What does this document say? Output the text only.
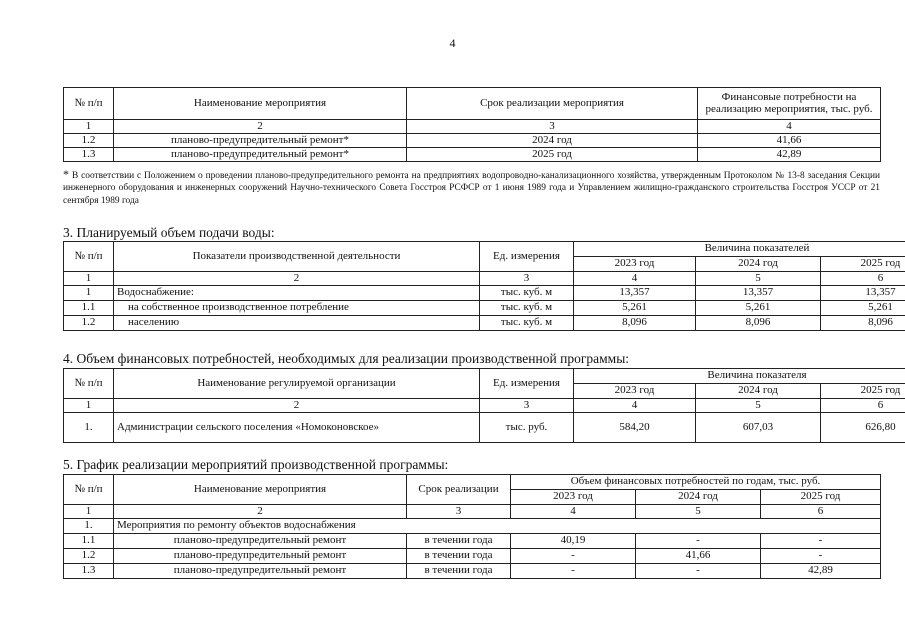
4
№ п/п	Наименование мероприятия	Срок реализации мероприятия	Финансовые потребности на реализацию мероприятия, тыс. руб.
1	2	3	4
1.2	планово-предупредительный ремонт*	2024 год	41,66
1.3	планово-предупредительный ремонт*	2025 год	42,89
* В соответствии с Положением о проведении планово-предупредительного ремонта на предприятиях водопроводно-канализационного хозяйства, утвержденным Протоколом № 13-8 заседания Секции инженерного оборудования и инженерных сооружений Научно-технического Совета Госстроя РСФСР от 1 июня 1989 года и Управлением жилищно-гражданского строительства Госстроя УССР от 21 сентября 1989 года
3. Планируемый объем подачи воды:
№ п/п	Показатели производственной деятельности	Ед. измерения	Величина показателей		
			2023 год	2024 год	2025 год
1	2	3	4	5	6
1	Водоснабжение:	тыс. куб. м	13,357	13,357	13,357
1.1	на собственное производственное потребление	тыс. куб. м	5,261	5,261	5,261
1.2	населению	тыс. куб. м	8,096	8,096	8,096
4. Объем финансовых потребностей, необходимых для реализации производственной программы:
№ п/п	Наименование регулируемой организации	Ед. измерения	Величина показателя		
			2023 год	2024 год	2025 год
1	2	3	4	5	6
1.	Администрации сельского поселения «Номоконовское»	тыс. руб.	584,20	607,03	626,80
5. График реализации мероприятий производственной программы:
№ п/п	Наименование мероприятия	Срок реализации	Объем финансовых потребностей по годам, тыс. руб.		
			2023 год	2024 год	2025 год
1	2	3	4	5	6
1.	Мероприятия по ремонту объектов водоснабжения				
1.1	планово-предупредительный ремонт	в течении года	40,19	-	-
1.2	планово-предупредительный ремонт	в течении года	-	41,66	-
1.3	планово-предупредительный ремонт	в течении года	-	-	42,89
